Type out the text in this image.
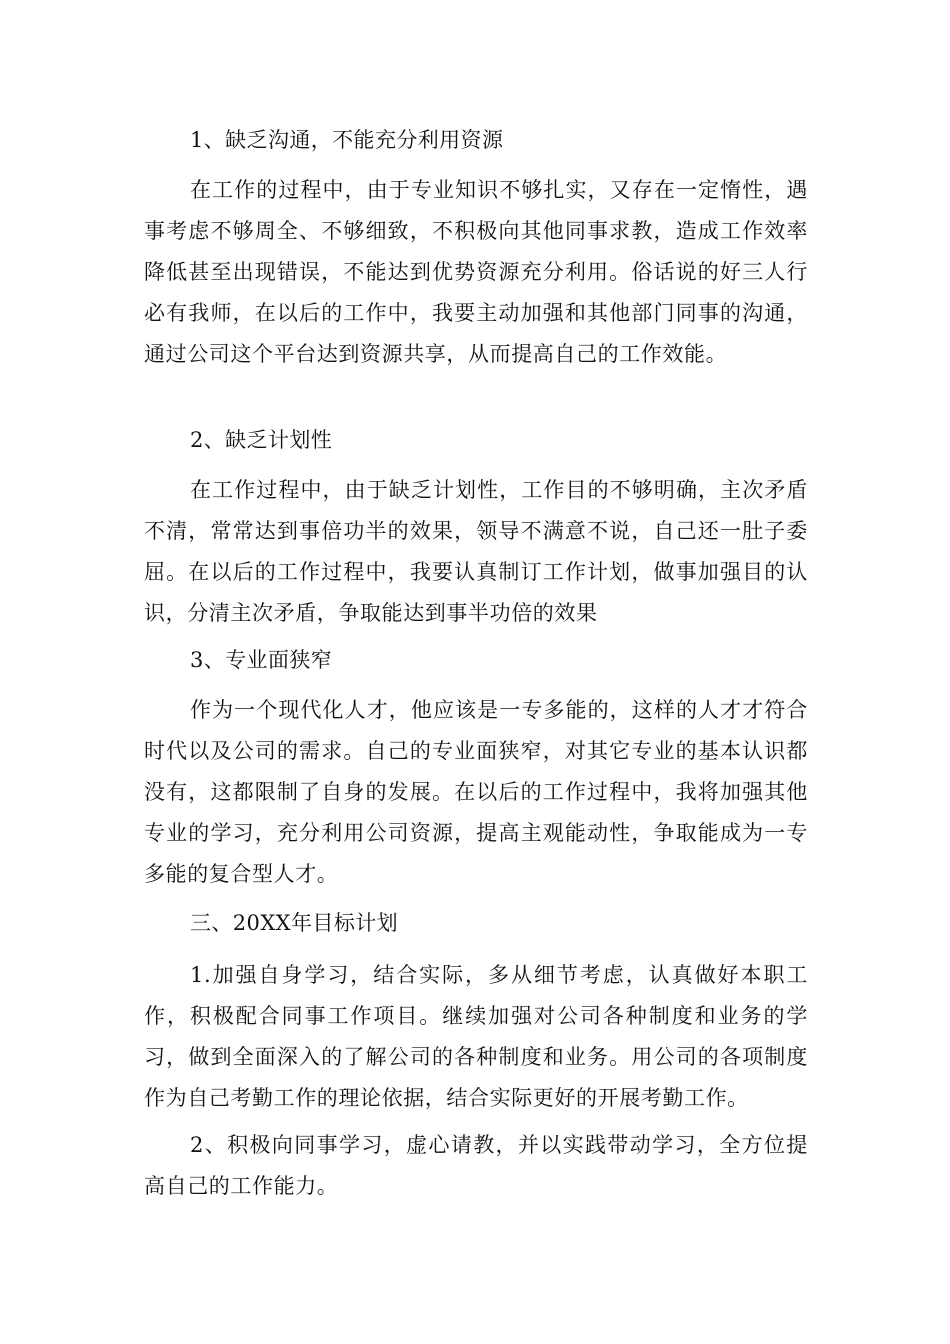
1、缺乏沟通，不能充分利用资源

在工作的过程中，由于专业知识不够扎实，又存在一定惰性，遇事考虑不够周全、不够细致，不积极向其他同事求教，造成工作效率降低甚至出现错误，不能达到优势资源充分利用。俗话说的好三人行必有我师，在以后的工作中，我要主动加强和其他部门同事的沟通，通过公司这个平台达到资源共享，从而提高自己的工作效能。

2、缺乏计划性

在工作过程中，由于缺乏计划性，工作目的不够明确，主次矛盾不清，常常达到事倍功半的效果，领导不满意不说，自己还一肚子委屈。在以后的工作过程中，我要认真制订工作计划，做事加强目的认识，分清主次矛盾，争取能达到事半功倍的效果

3、专业面狭窄

作为一个现代化人才，他应该是一专多能的，这样的人才才符合时代以及公司的需求。自己的专业面狭窄，对其它专业的基本认识都没有，这都限制了自身的发展。在以后的工作过程中，我将加强其他专业的学习，充分利用公司资源，提高主观能动性，争取能成为一专多能的复合型人才。

三、20XX年目标计划

1.加强自身学习，结合实际，多从细节考虑，认真做好本职工作，积极配合同事工作项目。继续加强对公司各种制度和业务的学习，做到全面深入的了解公司的各种制度和业务。用公司的各项制度作为自己考勤工作的理论依据，结合实际更好的开展考勤工作。

2、积极向同事学习，虚心请教，并以实践带动学习，全方位提高自己的工作能力。
